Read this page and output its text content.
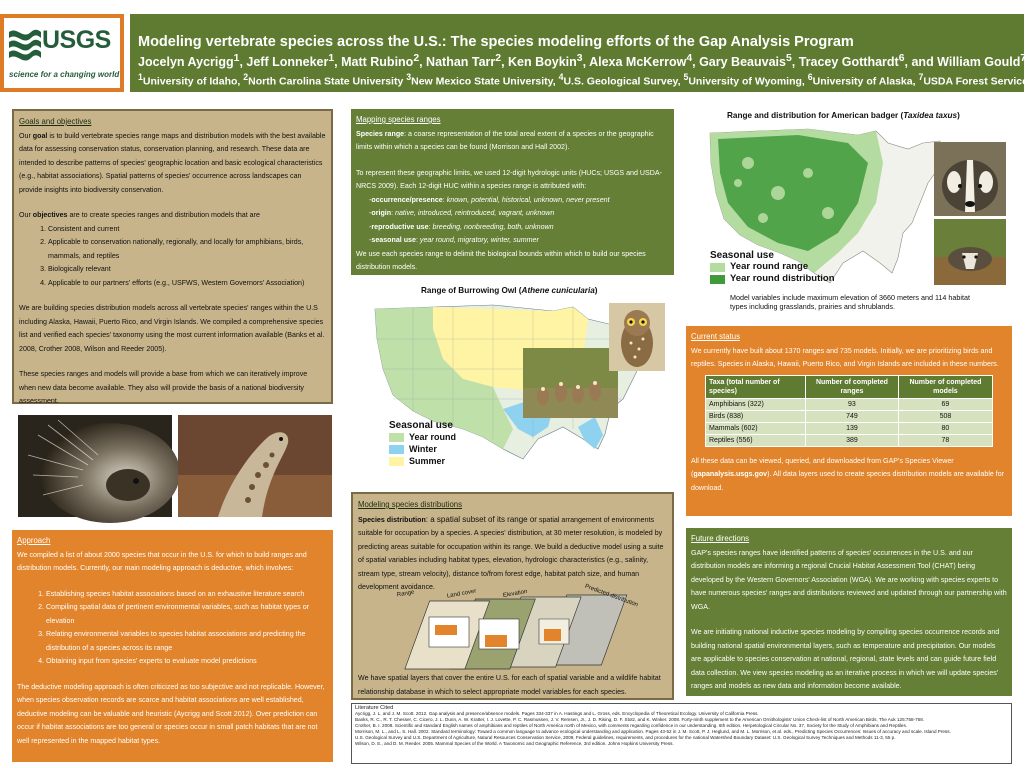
USGS
science for a changing world
Modeling vertebrate species across the U.S.: The species modeling efforts of the Gap Analysis Program
Jocelyn Aycrigg$^1$, Jeff Lonneker$^1$, Matt Rubino$^2$, Nathan Tarr$^2$, Ken Boykin$^3$, Alexa McKerrow$^4$, Gary Beauvais$^5$, Tracey Gotthardt$^6$, and William Gould$^7$
$^1$University of Idaho, $^2$North Carolina State University $^3$New Mexico State University, $^4$U.S. Geological Survey, $^5$University of Wyoming, $^6$University of Alaska, $^7$USDA Forest Service
Goals and objectives

Our goal is to build vertebrate species range maps and distribution models with the best available data for assessing conservation status, conservation planning, and research. These data are intended to describe patterns of species' geographic location and basic ecological characteristics (e.g., habitat associations). Spatial patterns of species' occurrence across landscapes can provide insights into biodiversity conservation.

Our objectives are to create species ranges and distribution models that are

1. Consistent and current
2. Applicable to conservation nationally, regionally, and locally for amphibians, birds, mammals, and reptiles
3. Biologically relevant
4. Applicable to our partners' efforts (e.g., USFWS, Western Governors' Association)

We are building species distribution models across all vertebrate species' ranges within the U.S including Alaska, Hawaii, Puerto Rico, and Virgin Islands. We compiled a comprehensive species list and verified each species' taxonomy using the most current information available (Banks et al. 2008, Crother 2008, Wilson and Reeder 2005).

These species ranges and models will provide a base from which we can iteratively improve when new data become available. They also will provide the basis of a national biodiversity assessment.

Approach

We compiled a list of about 2000 species that occur in the U.S. for which to build ranges and distribution models. Currently, our main modeling approach is deductive, which involves:

1. Establishing species habitat associations based on an exhaustive literature search
2. Compiling spatial data of pertinent environmental variables, such as habitat types or elevation
3. Relating environmental variables to species habitat associations and predicting the distribution of a species across its range
4. Obtaining input from species' experts to evaluate model predictions

The deductive modeling approach is often criticized as too subjective and not replicable. However, when species observation records are scarce and habitat associations are well established, deductive modeling can be valuable and heuristic (Aycrigg and Scott 2012). Over prediction can occur if habitat associations are too general or species occur in small patch habitats that are not well represented in the mapped habitat types.

Mapping species ranges

Species range: a coarse representation of the total areal extent of a species or the geographic limits within which a species can be found (Morrison and Hall 2002).

To represent these geographic limits, we used 12-digit hydrologic units (HUCs; USGS and USDA-NRCS 2009). Each 12-digit HUC within a species range is attributed with:

-occurrence/presence: known, potential, historical, unknown, never present
-origin: native, introduced, reintroduced, vagrant, unknown
-reproductive use: breeding, nonbreeding, both, unknown
-seasonal use: year round, migratory, winter, summer

We use each species range to delimit the biological bounds within which to build our species distribution models.

Range of Burrowing Owl (Athene cunicularia)
Seasonal use
Year round
Winter
Summer
Modeling species distributions

Species distribution: a spatial subset of its range or spatial arrangement of environments suitable for occupation by a species. A species' distribution, at 30 meter resolution, is modeled by predicting areas suitable for occupation within its range. We build a deductive model using a suite of spatial variables including habitat types, elevation, hydrologic characteristics (e.g., salinity, stream type, stream velocity), distance to/from forest edge, habitat patch size, and human development avoidance.

Range	Land cover	Elevation	Predicted distribution

We have spatial layers that cover the entire U.S. for each of spatial variable and a wildlife habitat relationship database in which to select appropriate model variables for each species.

Range and distribution for American badger (Taxidea taxus)
Seasonal use
Year round range
Year round distribution

Model variables include maximum elevation of 3660 meters and 114 habitat types including grasslands, prairies and shrublands.

Current status

We currently have built about 1370 ranges and 735 models. Initially, we are prioritizing birds and reptiles. Species in Alaska, Hawaii, Puerto Rico, and Virgin Islands are included in these numbers.

Taxa (total number of species)	Number of completed ranges	Number of completed models
Amphibians (322)	93	69
Birds (838)	749	508
Mammals (602)	139	80
Reptiles (556)	389	78

All these data can be viewed, queried, and downloaded from GAP's Species Viewer (gapanalysis.usgs.gov). All data layers used to create species distribution models are available for download.

Future directions

GAP's species ranges have identified patterns of species' occurrences in the U.S. and our distribution models are informing a regional Crucial Habitat Assessment Tool (CHAT) being developed by the Western Governors' Association (WGA). We are working with species experts to have numerous species' ranges and distributions reviewed and updated through our partnership with WGA.

We are initiating national inductive species modeling by compiling species occurrence records and building national spatial environmental layers, such as temperature and precipitation. Our models are applicable to species conservation at national, regional, state levels and can guide future field data collection. We view species modeling as an iterative process in which we will update species' ranges and models as new data and information become available.

Literature Cited
Aycrigg, J. L. and J. M. Scott. 2012. Gap analysis and presence/absence models. Pages 334-337 in A. Hastings and L. Gross, eds. Encyclopedia of Theoretical Ecology. University of California Press.
Banks, R. C., R. T. Chesser, C. Cicero, J. L. Dunn, A. W. Kratter, I. J. Lovette, P. C. Rasmussen, J. V. Remsen, Jr., J. D. Rising, D. F. Stotz, and K. Winker. 2008. Forty-ninth supplement to the American Ornithologists' Union Check-list of North American Birds. The Auk 125:758-768.
Crother, B. I. 2008. Scientific and standard English names of amphibians and reptiles of North America north of Mexico, with comments regarding confidence in our understanding. 6th edition. Herpetological Circular No. 37, Society for the Study of Amphibians and Reptiles.
Morrison, M. L., and L. S. Hall. 2002. Standard terminology: Toward a common language to advance ecological understanding and application. Pages 43-52 in J. M. Scott, P. J. Heglund, and M. L. Morrison, et al. eds., Predicting Species Occurrences: Issues of accuracy and scale. Island Press.
U.S. Geological Survey and U.S. Department of Agriculture, Natural Resources Conservation Service, 2009, Federal guidelines, requirements, and procedures for the national Watershed Boundary Dataset: U.S. Geological Survey Techniques and Methods 11-3, 55 p.
Wilson, D. E., and D. M. Reeder. 2005. Mammal Species of the World. A Taxonomic and Geographic Reference, 3rd edition. Johns Hopkins University Press.
